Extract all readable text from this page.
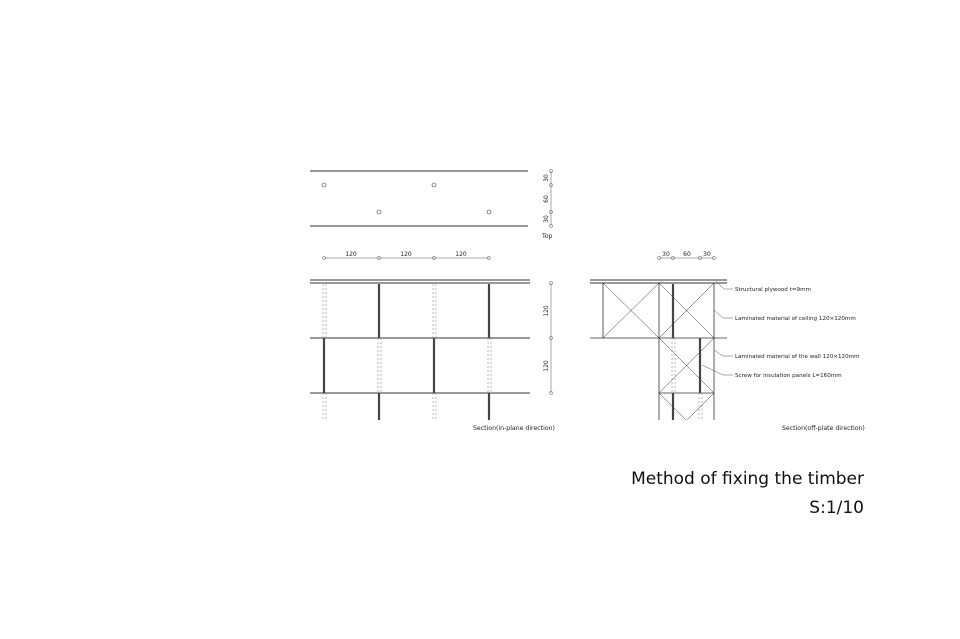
30
60
30
Top
120	120	120
120
120
Section(in-plane direction)
30 60 30
Structural plywood t=9mm
Laminated material of ceiling 120×120mm
Laminated material of the wall 120×120mm
Screw for insulation panels L=160mm
Section(off-plate direction)
Method of fixing the timber
S:1/10
